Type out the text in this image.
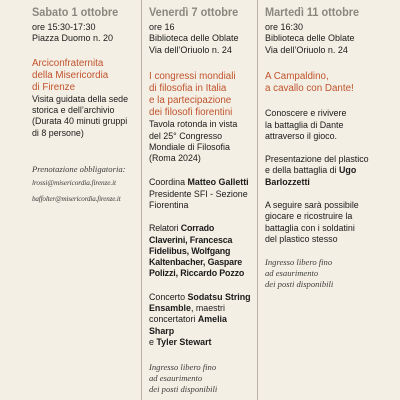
Sabato 1 ottobre
ore 15:30-17:30
Piazza Duomo n. 20
Arciconfraternita
della Misericordia
di Firenze
Visita guidata della sede
storica e dell’archivio
(Durata 40 minuti gruppi
di 8 persone)
Prenotazione obbligatoria:
lrossi@misericordia.firenze.it
baffolter@misericordia.firenze.it
Venerdì 7 ottobre
ore 16
Biblioteca delle Oblate
Via dell’Oriuolo n. 24
I congressi mondiali
di filosofia in Italia
e la partecipazione
dei filosofi fiorentini
Tavola rotonda in vista
del 25° Congresso
Mondiale di Filosofia
(Roma 2024)
Coordina Matteo Galletti
Presidente SFI - Sezione
Fiorentina
Relatori Corrado
Claverini, Francesca
Fidelibus, Wolfgang
Kaltenbacher, Gaspare
Polizzi, Riccardo Pozzo
Concerto Sodatsu String
Ensamble, maestri
concertatori Amelia Sharp
e Tyler Stewart
Ingresso libero fino
ad esaurimento
dei posti disponibili
Martedì 11 ottobre
ore 16:30
Biblioteca delle Oblate
Via dell’Oriuolo n. 24
A Campaldino,
a cavallo con Dante!
Conoscere e rivivere
la battaglia di Dante
attraverso il gioco.
Presentazione del plastico
e della battaglia di Ugo
Barlozzetti
A seguire sarà possibile
giocare e ricostruire la
battaglia con i soldatini
del plastico stesso
Ingresso libero fino
ad esaurimento
dei posti disponibili
